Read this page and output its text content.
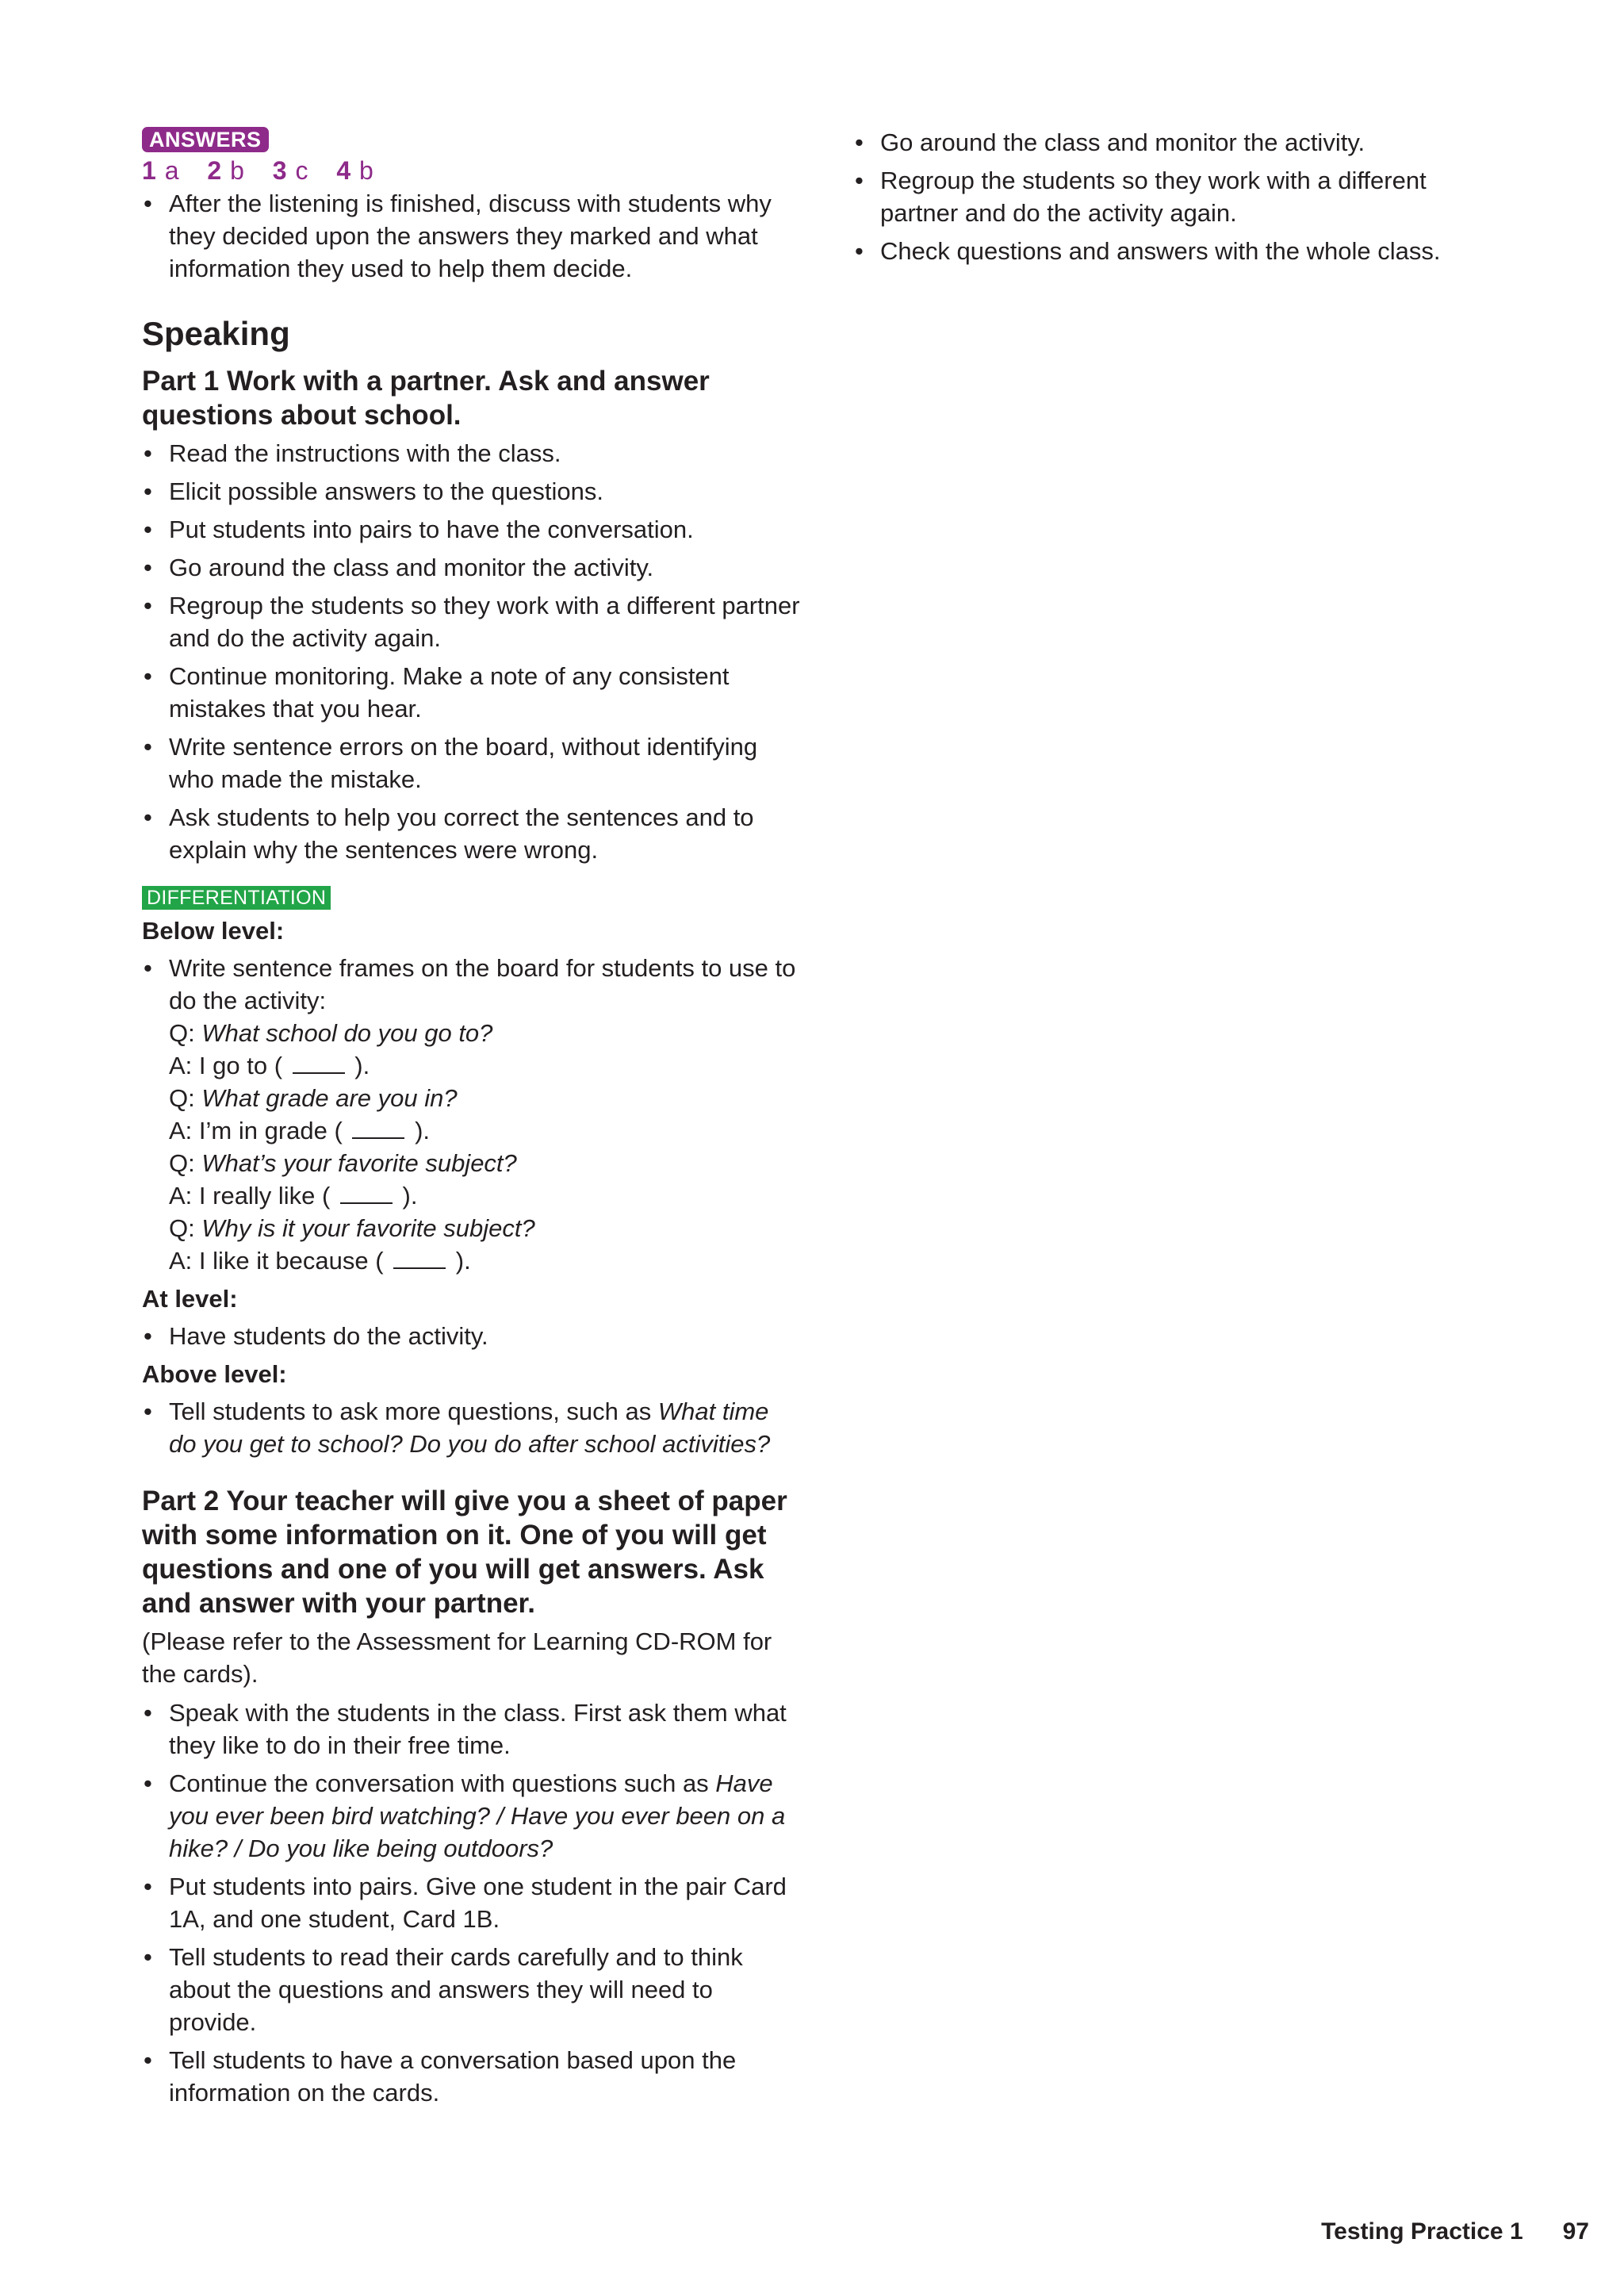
ANSWERS
1 a 2 b 3 c 4 b
• After the listening is finished, discuss with students why they decided upon the answers they marked and what information they used to help them decide.
Speaking
Part 1 Work with a partner. Ask and answer questions about school.
• Read the instructions with the class.
• Elicit possible answers to the questions.
• Put students into pairs to have the conversation.
• Go around the class and monitor the activity.
• Regroup the students so they work with a different partner and do the activity again.
• Continue monitoring. Make a note of any consistent mistakes that you hear.
• Write sentence errors on the board, without identifying who made the mistake.
• Ask students to help you correct the sentences and to explain why the sentences were wrong.
DIFFERENTIATION
Below level:
• Write sentence frames on the board for students to use to do the activity:
Q: What school do you go to?
A: I go to (	).
Q: What grade are you in?
A: I’m in grade (	).
Q: What’s your favorite subject?
A: I really like (	).
Q: Why is it your favorite subject?
A: I like it because (	).
At level:
• Have students do the activity.
Above level:
• Tell students to ask more questions, such as What time do you get to school? Do you do after school activities?
Part 2 Your teacher will give you a sheet of paper with some information on it. One of you will get questions and one of you will get answers. Ask and answer with your partner.
(Please refer to the Assessment for Learning CD-ROM for the cards).
• Speak with the students in the class. First ask them what they like to do in their free time.
• Continue the conversation with questions such as Have you ever been bird watching? / Have you ever been on a hike? / Do you like being outdoors?
• Put students into pairs. Give one student in the pair Card 1A, and one student, Card 1B.
• Tell students to read their cards carefully and to think about the questions and answers they will need to provide.
• Tell students to have a conversation based upon the information on the cards.
• Go around the class and monitor the activity.
• Regroup the students so they work with a different partner and do the activity again.
• Check questions and answers with the whole class.
Testing Practice 1 97
